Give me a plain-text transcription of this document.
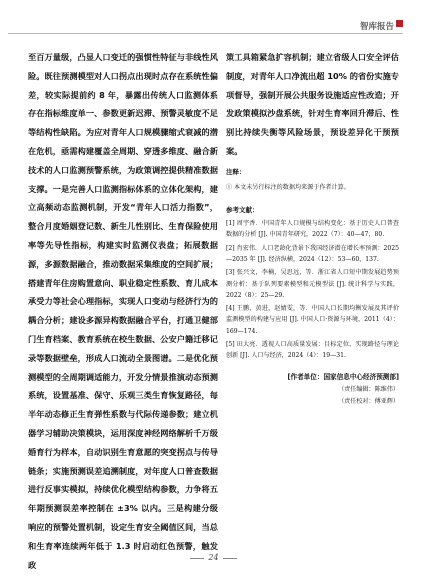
智库报告
至百万量级，凸显人口变迁的强惯性特征与非线性风险。既往预测模型对人口拐点出现时点存在系统性偏差，较实际提前约 8 年，暴露出传统人口监测体系存在指标维度单一、参数更新迟滞、预警灵敏度不足等结构性缺陷。为应对青年人口规模骤缩式衰减的潜在危机，亟需构建覆盖全周期、穿透多维度、融合新技术的人口监测预警系统，为政策调控提供精准数据支撑。一是完善人口监测指标体系的立体化架构，建立高频动态监测机制，开发“青年人口活力指数”，整合月度婚姻登记数、新生儿性别比、生育保险使用率等先导性指标，构建实时监测仪表盘；拓展数据源，多源数据融合，推动数据采集维度的空间扩展；搭建青年住房购置意向、职业稳定性系数、育儿成本承受力等社会心理指标，实现人口变动与经济行为的耦合分析；建设多源异构数据融合平台，打通卫健部门生育档案、教育系统在校生数据、公安户籍迁移记录等数据壁垒，形成人口流动全景图谱。二是优化预测模型的全周期调适能力，开发分情景推演动态预测系统，设置基准、保守、乐观三类生育恢复路径，每半年动态修正生育弹性系数与代际传递参数；建立机器学习辅助决策模块，运用深度神经网络解析千万级婚育行为样本，自动识别生育意愿的突变拐点与传导链条；实施预测误差追溯制度，对年度人口普查数据进行反事实模拟，持续优化模型结构参数，力争将五年期预测误差率控制在 ±3% 以内。三是构建分级响应的预警处置机制，设定生育安全阈值区间，当总和生育率连续两年低于 1.3 时启动红色预警，触发政
策工具箱紧急扩容机制；建立省级人口安全评估制度，对青年人口净流出超 10% 的省份实施专项督导，强制开展公共服务设施适应性改造；开发政策模拟沙盘系统，针对生育率回升滞后、性别比持续失衡等风险场景，预设差异化干预预案。
注释：
① 本文未另行标注的数据均来源于作者计算。
参考文献：
[1] 周宇香．中国青年人口规模与结构变化：基于历史人口普查数据的分析 [J]. 中国青年研究，2022（7）：40—47，80.
[2] 肖宏伟．人口老龄化背景下我国经济潜在增长率预测：2025—2035 年 [J]. 经济纵横，2024（12）：53—60，137.
[3] 张兴文，李楠，吴思远，等．浙江省人口短中期发展趋势预测分析：基于队列要素模型和元模型法 [J]. 统计科学与实践，2022（8）：25—29.
[4] 王鹏，黄进，赵婧雯，等．中国人口长期均衡发展及其评价监测模型的构建与应用 [J]. 中国人口·资源与环境，2011（4）：169—174.
[5] 田大亮．透视人口高质量发展：目标定位、实现路径与理论创新 [J]. 人口与经济，2024（4）：19—31.
[作者单位：国家信息中心经济预测部]
（责任编辑：陈维伟）
（责任校对：傅亚辉）
24
